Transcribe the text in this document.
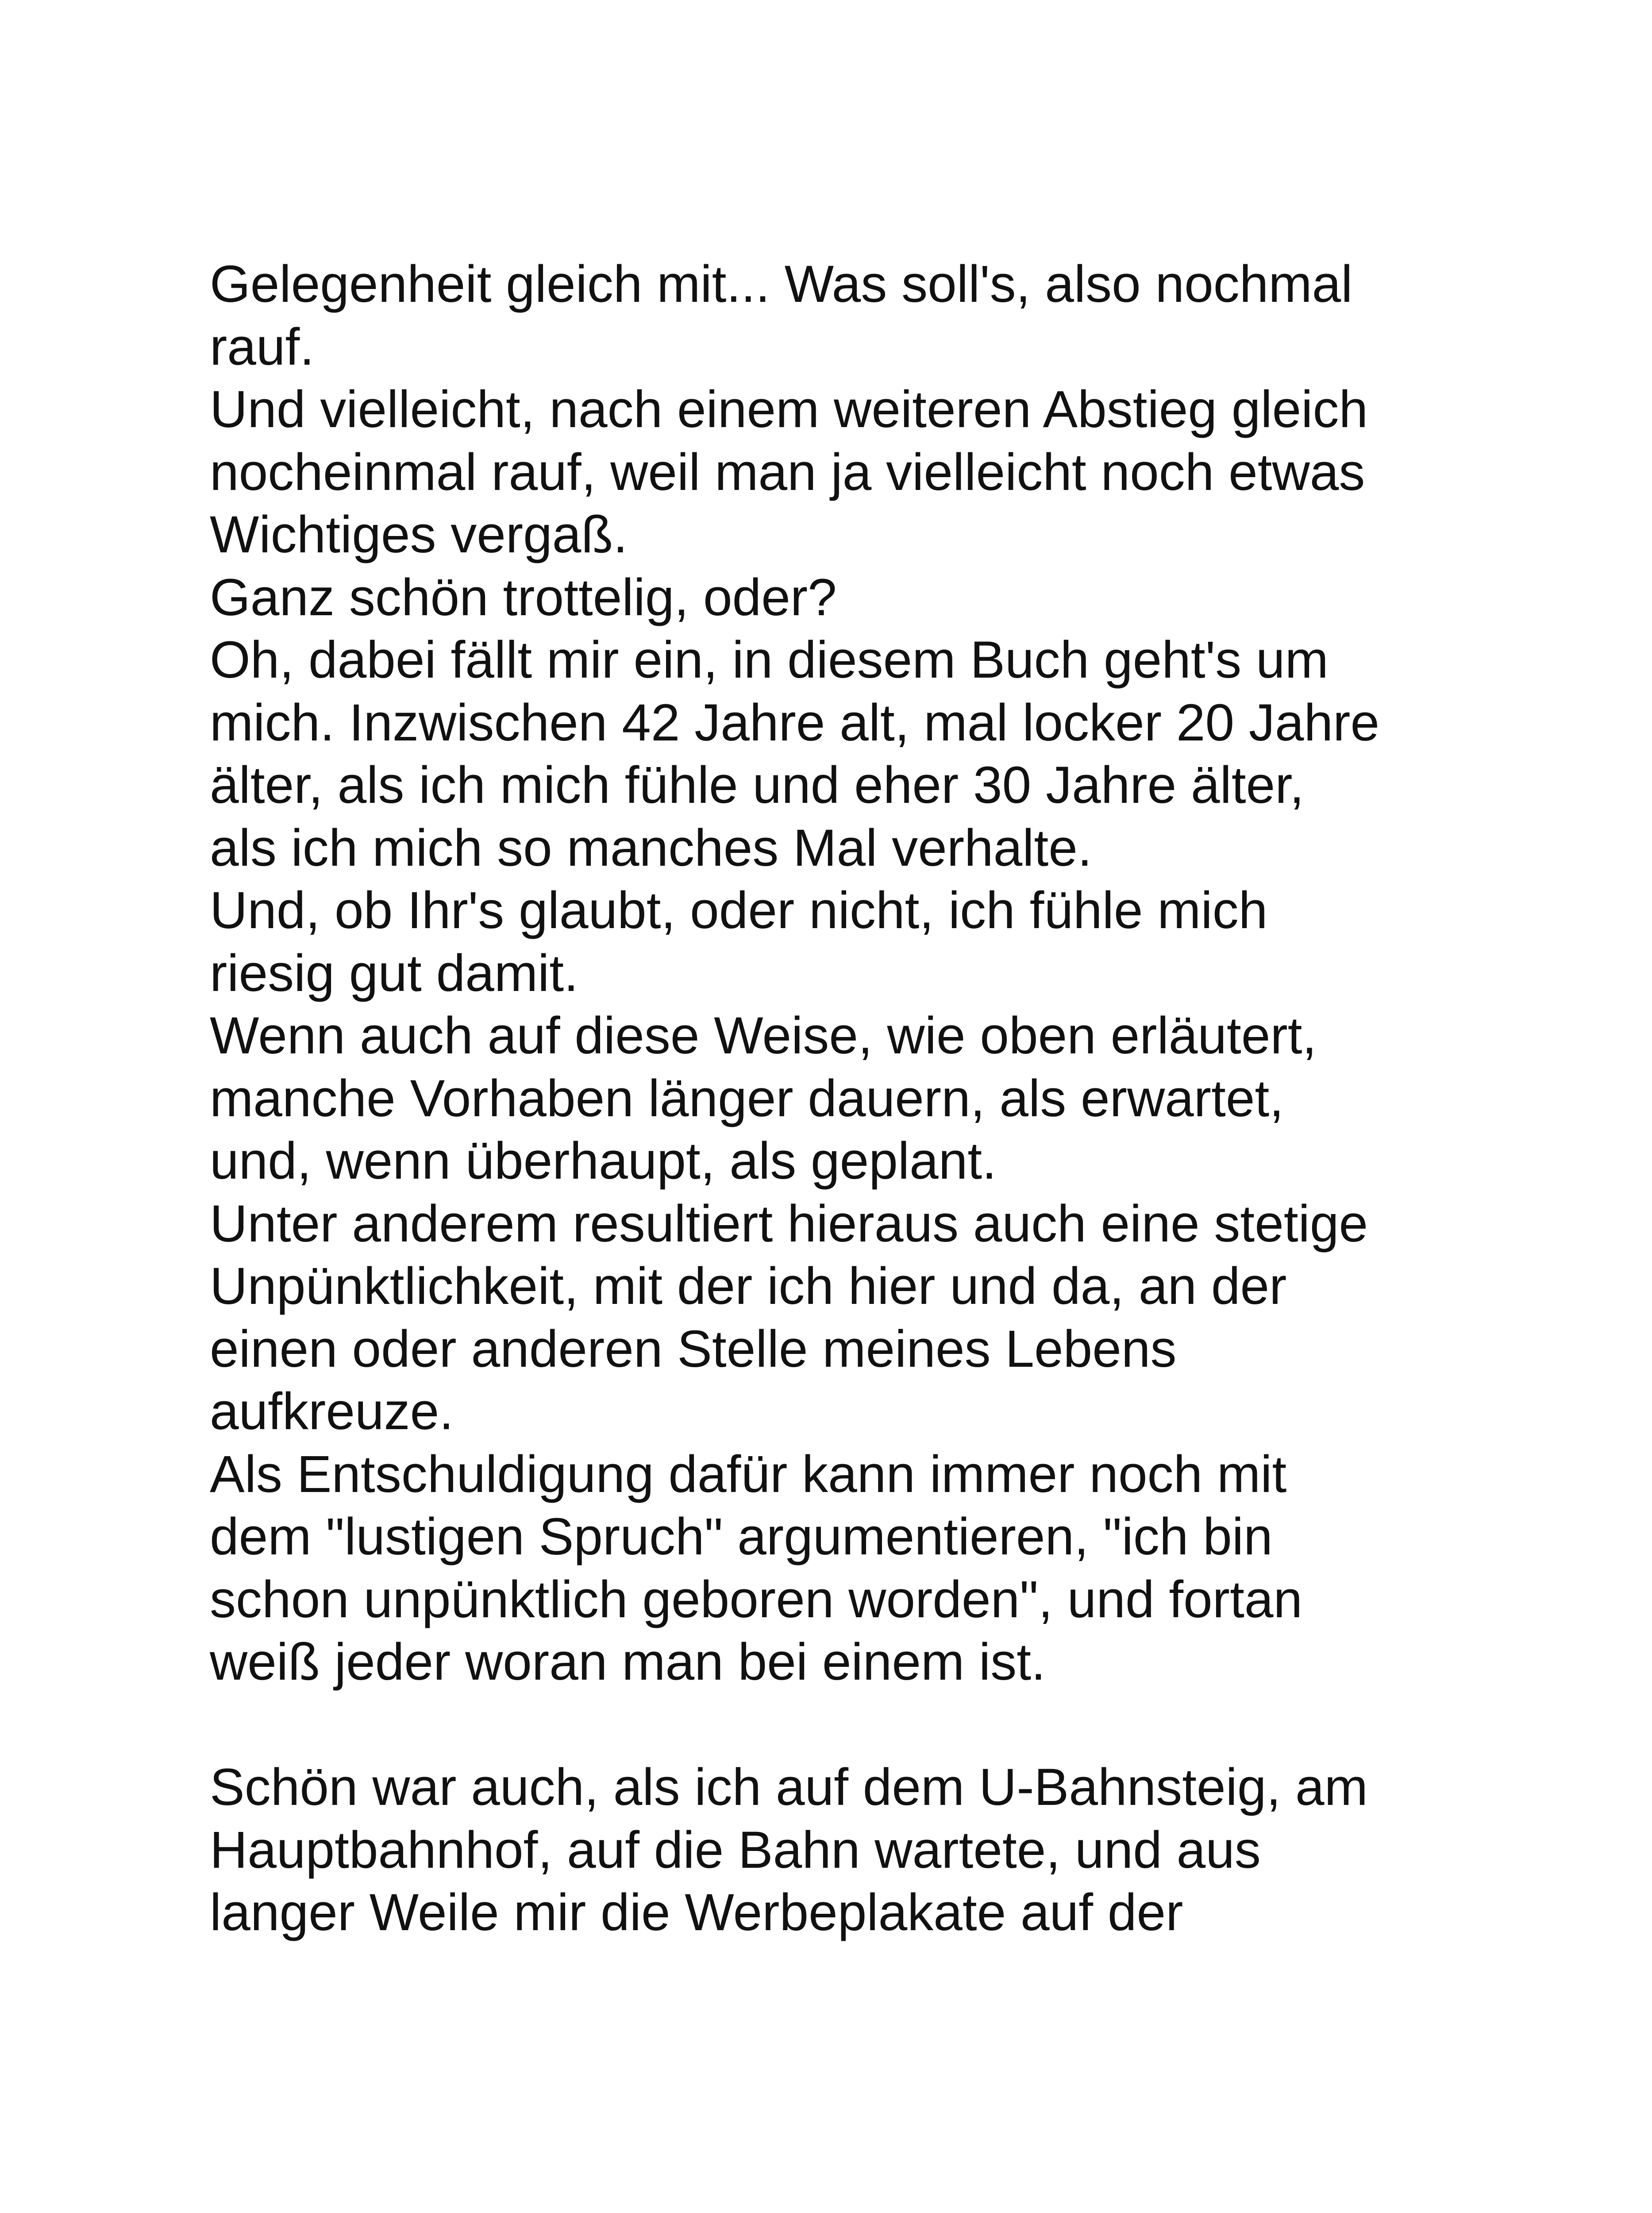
Gelegenheit gleich mit... Was soll's, also nochmal
rauf.
Und vielleicht, nach einem weiteren Abstieg gleich
nocheinmal rauf, weil man ja vielleicht noch etwas
Wichtiges vergaß.
Ganz schön trottelig, oder?
Oh, dabei fällt mir ein, in diesem Buch geht's um
mich. Inzwischen 42 Jahre alt, mal locker 20 Jahre
älter, als ich mich fühle und eher 30 Jahre älter,
als ich mich so manches Mal verhalte.
Und, ob Ihr's glaubt, oder nicht, ich fühle mich
riesig gut damit.
Wenn auch auf diese Weise, wie oben erläutert,
manche Vorhaben länger dauern, als erwartet,
und, wenn überhaupt, als geplant.
Unter anderem resultiert hieraus auch eine stetige
Unpünktlichkeit, mit der ich hier und da, an der
einen oder anderen Stelle meines Lebens
aufkreuze.
Als Entschuldigung dafür kann immer noch mit
dem "lustigen Spruch" argumentieren, "ich bin
schon unpünktlich geboren worden", und fortan
weiß jeder woran man bei einem ist.
Schön war auch, als ich auf dem U-Bahnsteig, am
Hauptbahnhof, auf die Bahn wartete, und aus
langer Weile mir die Werbeplakate auf der
